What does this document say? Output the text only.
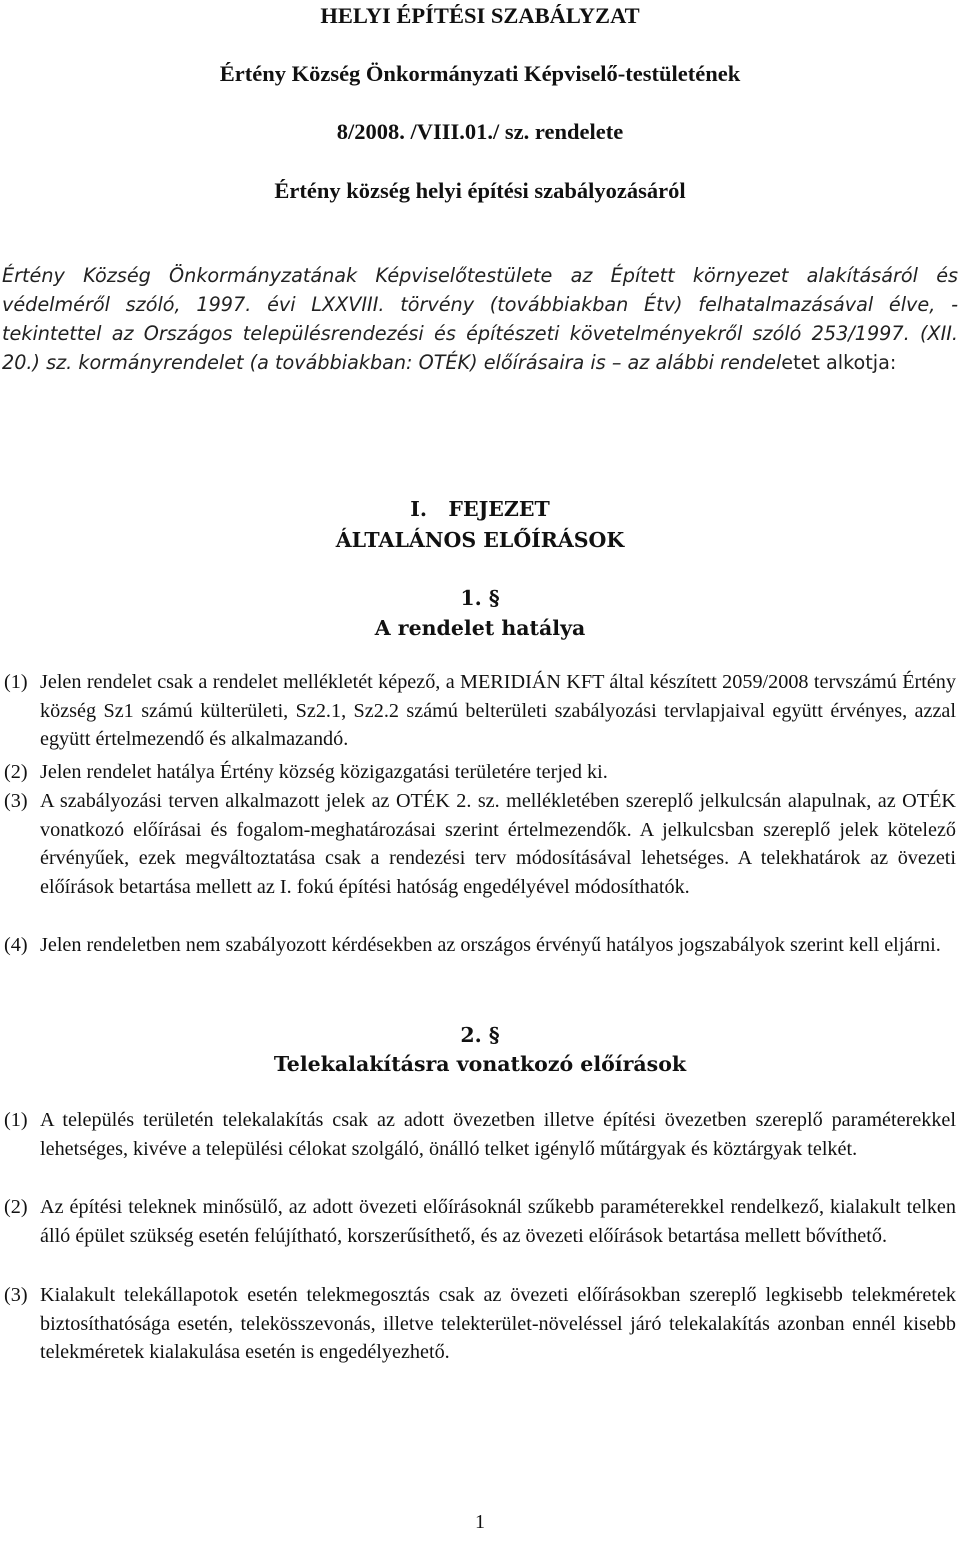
HELYI ÉPÍTÉSI SZABÁLYZAT
Értény Község Önkormányzati Képviselő-testületének
8/2008. /VIII.01./ sz. rendelete
Értény község helyi építési szabályozásáról
Értény Község Önkormányzatának Képviselőtestülete az Épített környezet alakításáról és védelméről szóló, 1997. évi LXXVIII. törvény (továbbiakban Étv) felhatalmazásával élve, - tekintettel az Országos településrendezési és építészeti követelményekről szóló 253/1997. (XII. 20.) sz. kormányrendelet (a továbbiakban: OTÉK) előírásaira is – az alábbi rendeletet alkotja:
I.   FEJEZET
ÁLTALÁNOS ELŐÍRÁSOK
1. §
A rendelet hatálya
(1) Jelen rendelet csak a rendelet mellékletét képező, a MERIDIÁN KFT által készített 2059/2008 tervszámú Értény község Sz1 számú külterületi, Sz2.1, Sz2.2 számú belterületi szabályozási tervlapjaival együtt érvényes, azzal együtt értelmezendő és alkalmazandó.
(2) Jelen rendelet hatálya Értény község közigazgatási területére terjed ki.
(3) A szabályozási terven alkalmazott jelek az OTÉK 2. sz. mellékletében szereplő jelkulcsán alapulnak, az OTÉK vonatkozó előírásai és fogalom-meghatározásai szerint értelmezendők. A jelkulcsban szereplő jelek kötelező érvényűek, ezek megváltoztatása csak a rendezési terv módosításával lehetséges. A telekhatárok az övezeti előírások betartása mellett az I. fokú építési hatóság engedélyével módosíthatók.
(4) Jelen rendeletben nem szabályozott kérdésekben az országos érvényű hatályos jogszabályok szerint kell eljárni.
2. §
Telekalakításra vonatkozó előírások
(1) A település területén telekalakítás csak az adott övezetben illetve építési övezetben szereplő paraméterekkel lehetséges, kivéve a települési célokat szolgáló, önálló telket igénylő műtárgyak és köztárgyak telkét.
(2) Az építési teleknek minősülő, az adott övezeti előírásoknál szűkebb paraméterekkel rendelkező, kialakult telken álló épület szükség esetén felújítható, korszerűsíthető, és az övezeti előírások betartása mellett bővíthető.
(3) Kialakult telekállapotok esetén telekmegosztás csak az övezeti előírásokban szereplő legkisebb telekméretek biztosíthatósága esetén, telekösszevonás, illetve telekterület-növeléssel járó telekalakítás azonban ennél kisebb telekméretek kialakulása esetén is engedélyezhető.
1
